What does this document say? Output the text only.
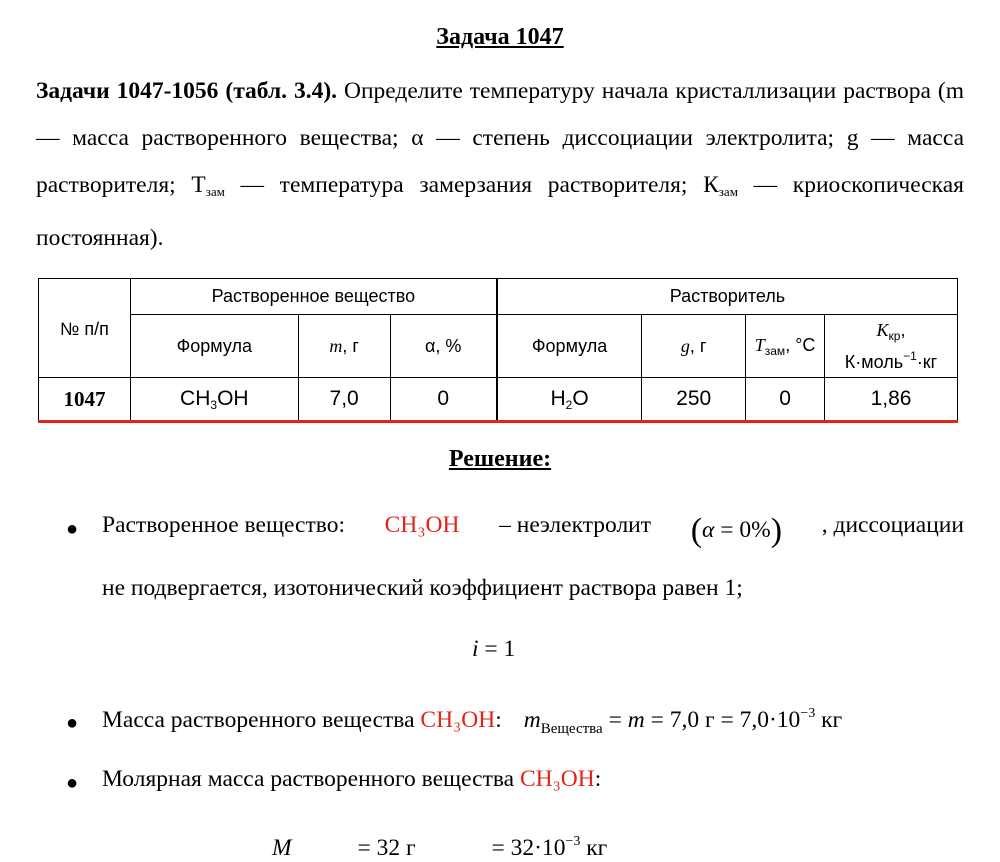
Задача 1047
Задачи 1047-1056 (табл. 3.4). Определите температуру начала кристаллизации раствора (m — масса растворенного вещества; α — степень диссоциации электролита; g — масса растворителя; $Т_{зам}$ — температура замерзания растворителя; $К_{зам}$ — криоскопическая постоянная).
№ п/п	Растворенное вещество			Растворитель			
	Формула	m, г	α, %	Формула	g, г	$T_{зам}$, °С	$K_{кр}$,
К·моль$^{-1}$·кг
1047	CH3OH	7,0	0	H2O	250	0	1,86
Решение:
● Растворенное вещество: CH₃OH – неэлектролит (α = 0%) , диссоциации
не подвергается, изотонический коэффициент раствора равен 1;
i = 1
● Масса растворенного вещества CH₃OH: $m_{Вещества} = m = 7,0$ $г = 7,0\cdot 10^{-3}$ кг
● Молярная масса растворенного вещества CH₃OH:
M	= 32 г	= $32\cdot 10^{-3}$ кг
